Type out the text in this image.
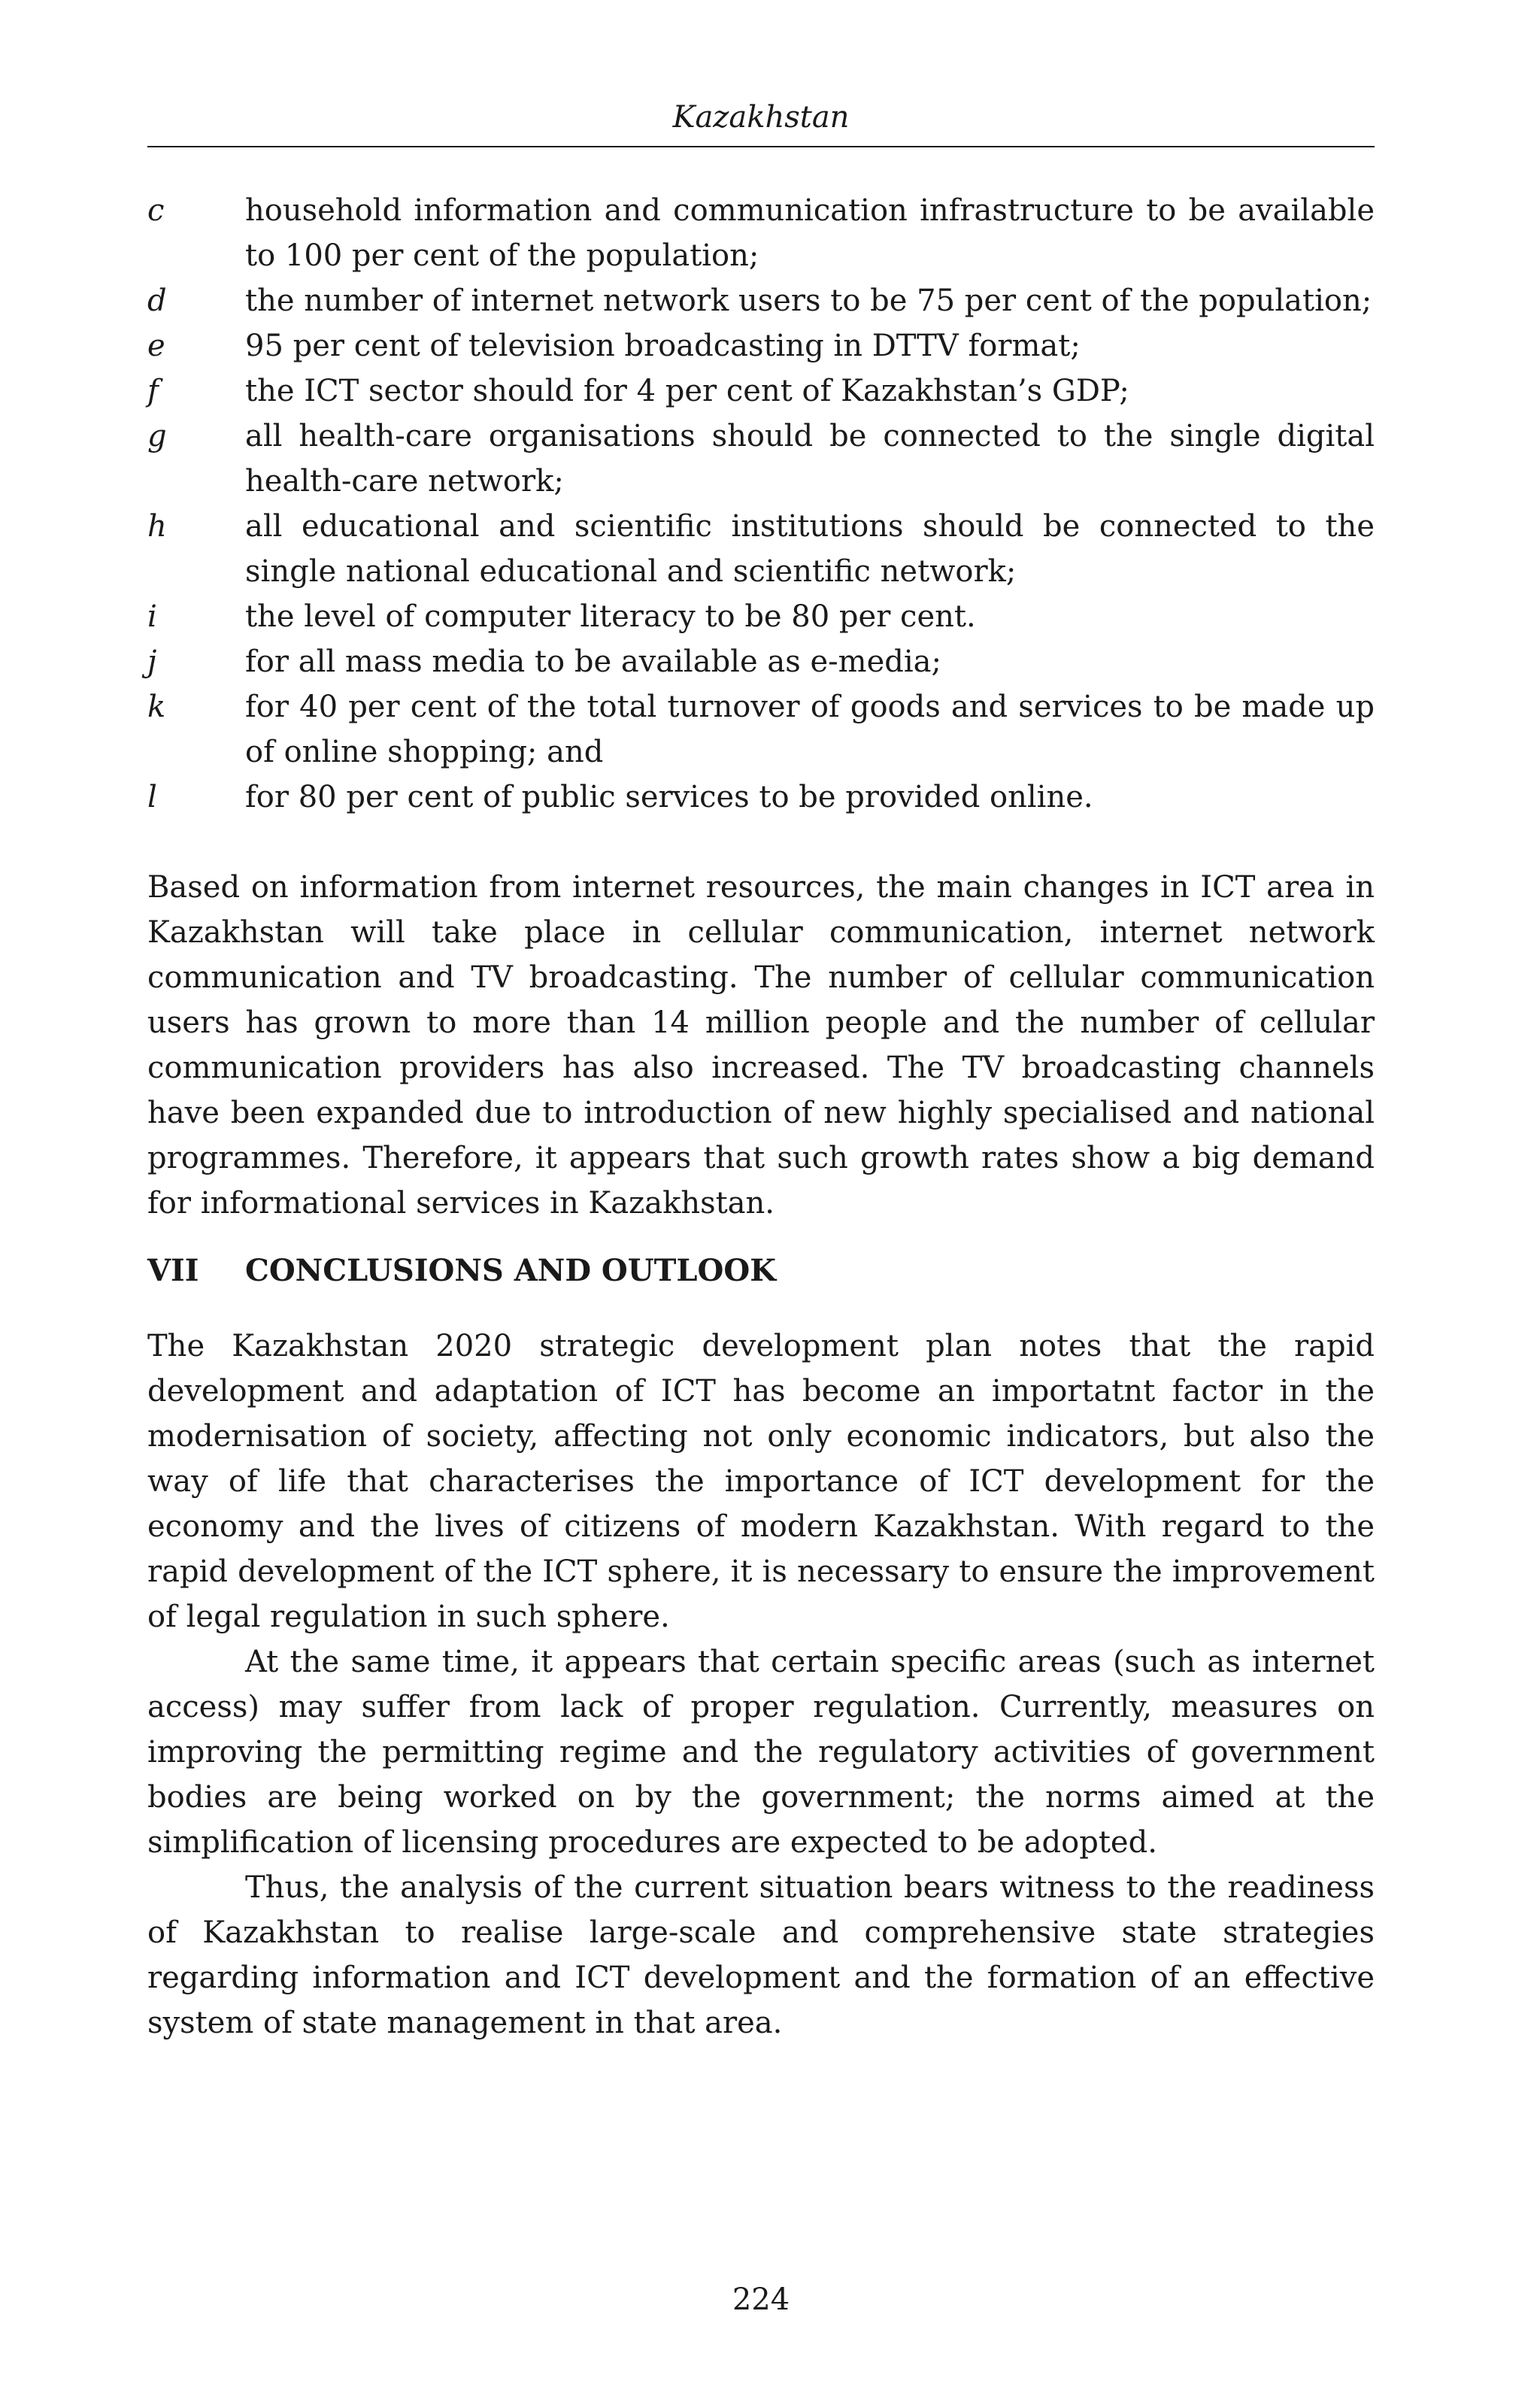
Kazakhstan
c	household information and communication infrastructure to be available to 100 per cent of the population;
d	the number of internet network users to be 75 per cent of the population;
e	95 per cent of television broadcasting in DTTV format;
f	the ICT sector should for 4 per cent of Kazakhstan’s GDP;
g	all health-care organisations should be connected to the single digital health-care network;
h	all educational and scientific institutions should be connected to the single national educational and scientific network;
i	the level of computer literacy to be 80 per cent.
j	for all mass media to be available as e-media;
k	for 40 per cent of the total turnover of goods and services to be made up of online shopping; and
l	for 80 per cent of public services to be provided online.

Based on information from internet resources, the main changes in ICT area in Kazakhstan will take place in cellular communication, internet network communication and TV broadcasting. The number of cellular communication users has grown to more than 14 million people and the number of cellular communication providers has also increased. The TV broadcasting channels have been expanded due to introduction of new highly specialised and national programmes. Therefore, it appears that such growth rates show a big demand for informational services in Kazakhstan.

VII	CONCLUSIONS AND OUTLOOK

The Kazakhstan 2020 strategic development plan notes that the rapid development and adaptation of ICT has become an importatnt factor in the modernisation of society, affecting not only economic indicators, but also the way of life that characterises the importance of ICT development for the economy and the lives of citizens of modern Kazakhstan. With regard to the rapid development of the ICT sphere, it is necessary to ensure the improvement of legal regulation in such sphere.

At the same time, it appears that certain specific areas (such as internet access) may suffer from lack of proper regulation. Currently, measures on improving the permitting regime and the regulatory activities of government bodies are being worked on by the government; the norms aimed at the simplification of licensing procedures are expected to be adopted.

Thus, the analysis of the current situation bears witness to the readiness of Kazakhstan to realise large-scale and comprehensive state strategies regarding information and ICT development and the formation of an effective system of state management in that area.

224
